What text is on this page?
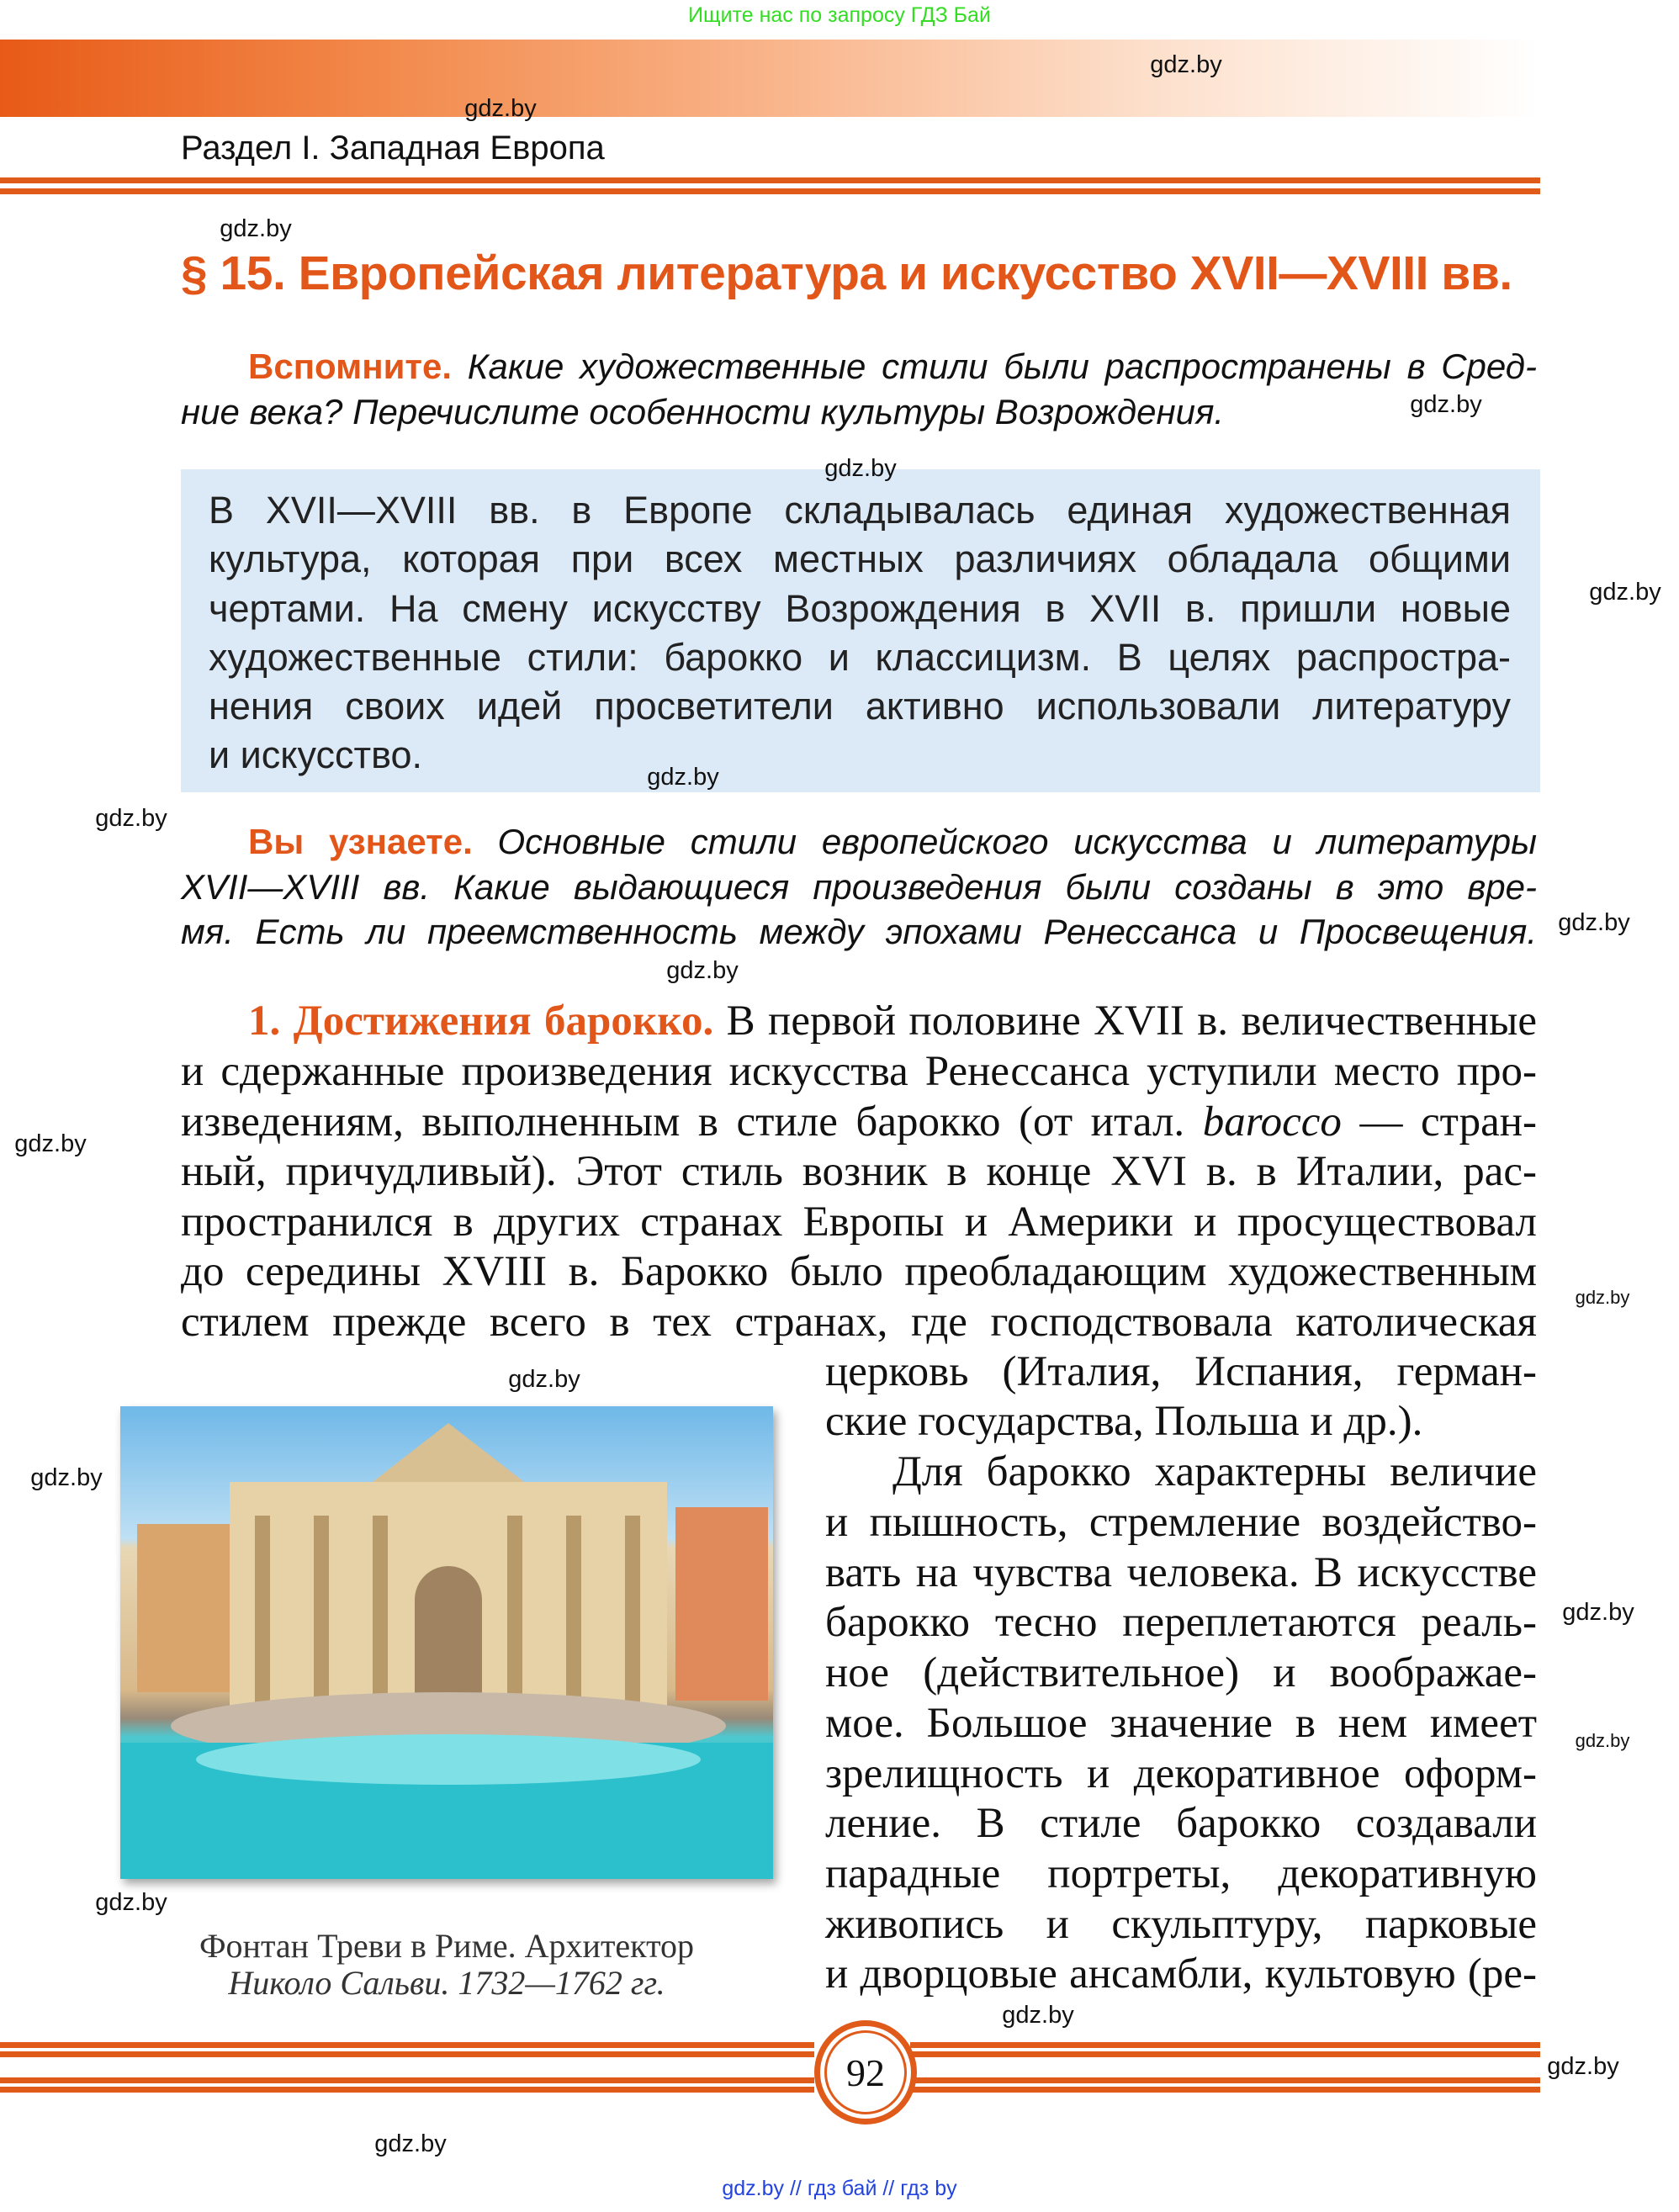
Ищите нас по запросу ГДЗ Бай
Раздел I. Западная Европа
§ 15. Европейская литература и искусство XVII—XVIII вв.
Вспомните. Какие художественные стили были распространены в Сред-
ние века? Перечислите особенности культуры Возрождения.
В XVII—XVIII вв. в Европе складывалась единая художественная
культура, которая при всех местных различиях обладала общими
чертами. На смену искусству Возрождения в XVII в. пришли новые
художественные стили: барокко и классицизм. В целях распростра-
нения своих идей просветители активно использовали литературу
и искусство.
Вы узнаете. Основные стили европейского искусства и литературы
XVII—XVIII вв. Какие выдающиеся произведения были созданы в это вре-
мя. Есть ли преемственность между эпохами Ренессанса и Просвещения.
1. Достижения барокко. В первой половине XVII в. величественные
и сдержанные произведения искусства Ренессанса уступили место про-
изведениям, выполненным в стиле барокко (от итал. barocco — стран-
ный, причудливый). Этот стиль возник в конце XVI в. в Италии, рас-
пространился в других странах Европы и Америки и просуществовал
до середины XVIII в. Барокко было преобладающим художественным
стилем прежде всего в тех странах, где господствовала католическая
церковь (Италия, Испания, герман-
ские государства, Польша и др.).
Для барокко характерны величие
и пышность, стремление воздейство-
вать на чувства человека. В искусстве
барокко тесно переплетаются реаль-
ное (действительное) и воображае-
мое. Большое значение в нем имеет
зрелищность и декоративное оформ-
ление. В стиле барокко создавали
парадные портреты, декоративную
живопись и скульптуру, парковые
и дворцовые ансамбли, культовую (ре-
Фонтан Треви в Риме. Архитектор
Николо Сальви. 1732—1762 гг.
92
gdz.by // гдз бай // гдз by
gdz.by
gdz.by
gdz.by
gdz.by
gdz.by
gdz.by
gdz.by
gdz.by
gdz.by
gdz.by
gdz.by
gdz.by
gdz.by
gdz.by
gdz.by
gdz.by
gdz.by
gdz.by
gdz.by
gdz.by
